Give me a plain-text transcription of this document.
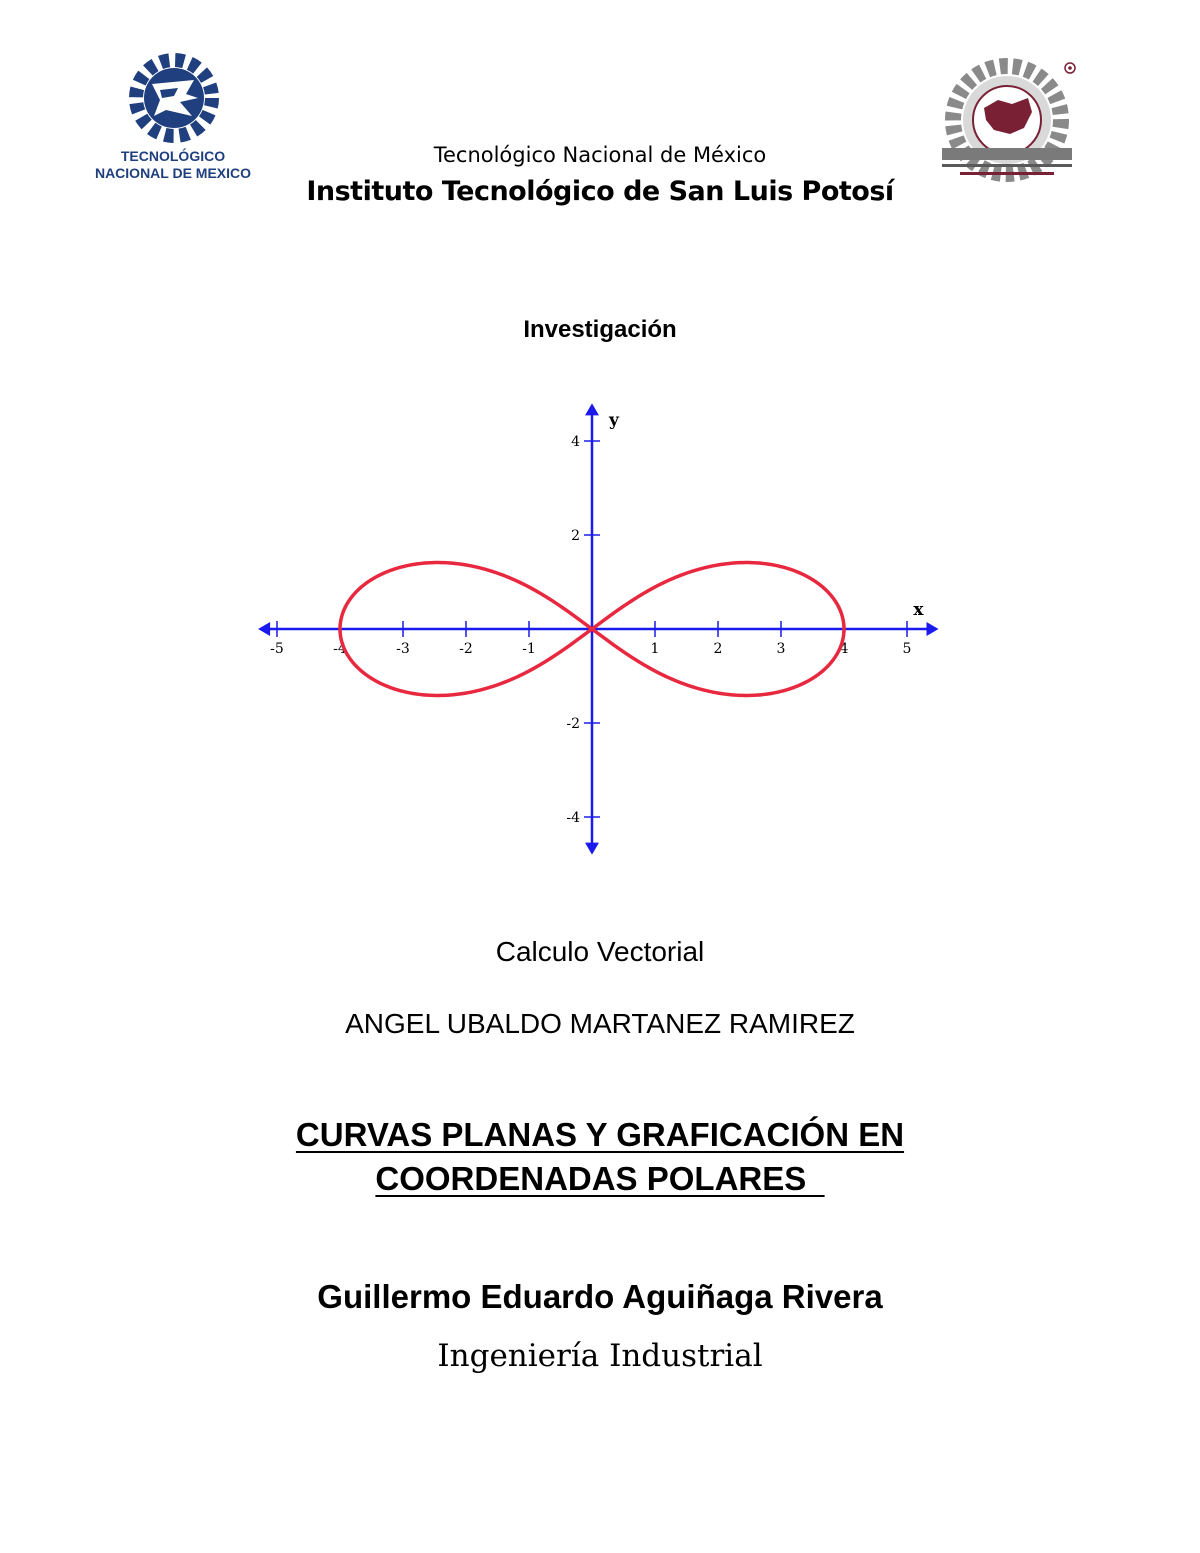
TECNOLÓGICO
NACIONAL DE MEXICO
Tecnológico Nacional de México
Instituto Tecnológico de San Luis Potosí
Investigación
-5	-4	-3	-2	-1	1	2	3	4	5
4
2
-2
-4
x
y
Calculo Vectorial
ANGEL UBALDO MARTANEZ RAMIREZ
CURVAS PLANAS Y GRAFICACIÓN EN
COORDENADAS POLARES
Guillermo Eduardo Aguiñaga Rivera
Ingeniería Industrial
